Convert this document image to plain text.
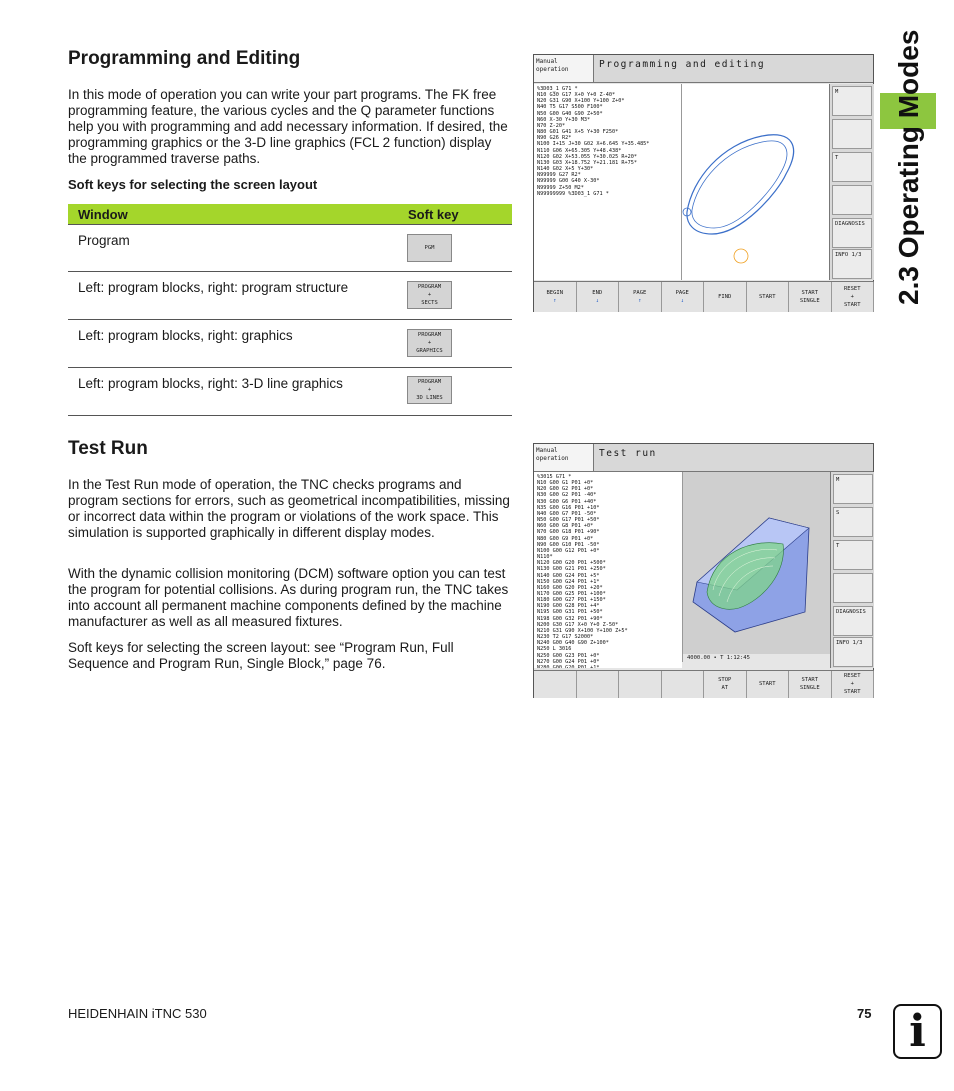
2.3 Operating Modes
Programming and Editing

In this mode of operation you can write your part programs. The FK free programming feature, the various cycles and the Q parameter functions help you with programming and add necessary information. If desired, the programming graphics or the 3-D line graphics (FCL 2 function) display the programmed traverse paths.

Soft keys for selecting the screen layout
Window	Soft key
Program	PGM
Left: program blocks, right: program structure	PROGRAM
+
SECTS
Left: program blocks, right: graphics	PROGRAM
+
GRAPHICS
Left: program blocks, right: 3-D line graphics	PROGRAM
+
3D LINES
Manual
operation	Programming and editing
%3D03_1 G71 *
N10 G30 G17 X+0 Y+0 Z-40*
N20 G31 G90 X+100 Y+100 Z+0*
N40 T5 G17 S500 F100*
N50 G00 G40 G90 Z+50*
N60 X-30 Y+30 M3*
N70 Z-20*
N80 G01 G41 X+5 Y+30 F250*
N90 G26 R2*
N100 I+15 J+30 G02 X+6.645 Y+35.485*
N110 G06 X+65.305 Y+48.438*
N120 G02 X+53.055 Y+30.025 R+20*
N130 G03 X+18.752 Y+21.181 R+75*
N140 G02 X+5 Y+30*
N99999 G27 R2*
N99999 G00 G40 X-30*
N99999 Z+50 M2*
N99999999 %3D03_1 G71 *
M
T
DIAGNOSIS
INFO 1/3
BEGIN
↑
END
↓
PAGE
↑
PAGE
↓
FIND	START
START
SINGLE
RESET
+
START
Test Run

In the Test Run mode of operation, the TNC checks programs and program sections for errors, such as geometrical incompatibilities, missing or incorrect data within the program or violations of the work space. This simulation is supported graphically in different display modes.

With the dynamic collision monitoring (DCM) software option you can test the program for potential collisions. As during program run, the TNC takes into account all permanent machine components defined by the machine manufacturer as well as all measured fixtures.

Soft keys for selecting the screen layout: see “Program Run, Full Sequence and Program Run, Single Block,” page 76.

Manual
operation	Test run
%3015 G71 *
N10 G00 G1 P01 +0*
N20 G00 G2 P01 +0*
N30 G00 G2 P01 -40*
N30 G00 G6 P01 +40*
N35 G00 G16 P01 +10*
N40 G00 G7 P01 -50*
N50 G00 G17 P01 +50*
N60 G00 G8 P01 +0*
N70 G00 G18 P01 +90*
N80 G00 G9 P01 +0*
N90 G00 G10 P01 -50*
N100 G00 G12 P01 +0*
N110*
N120 G00 G20 P01 +500*
N130 G00 G21 P01 +250*
N140 G00 G24 P01 +5*
N150 G00 G24 P01 +1*
N160 G00 G20 P01 +20*
N170 G00 G25 P01 +100*
N180 G00 G27 P01 +150*
N190 G00 G28 P01 +4*
N195 G00 G31 P01 +50*
N198 G00 G32 P01 +90*
N200 G30 G17 X+0 Y+0 Z-50*
N210 G31 G90 X+100 Y+100 Z+5*
N230 T2 G17 S2000*
N240 G00 G40 G90 Z+100*
N250 L 3016
N250 G00 G23 P01 +0*
N270 G00 G24 P01 +0*
N280 G00 G20 P01 +1*
4000.00 • T 1:12:45
M
S
T
DIAGNOSIS
INFO 1/3
STOP
AT
START
START
SINGLE
RESET
+
START
HEIDENHAIN iTNC 530	75 i
